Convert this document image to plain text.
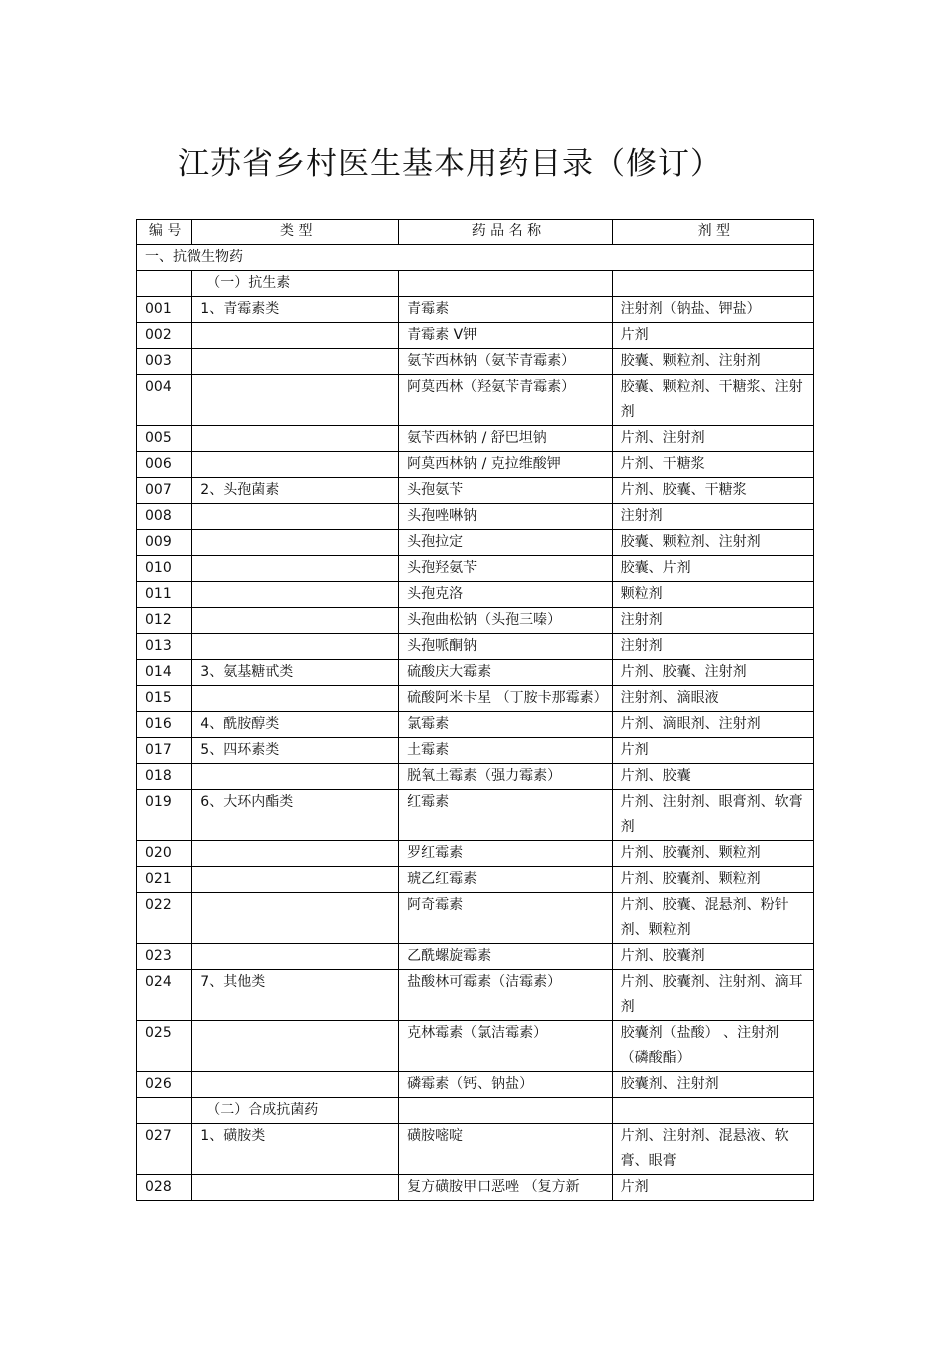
江苏省乡村医生基本用药目录（修订）
编 号	类 型	药 品 名 称	剂 型
一、抗微生物药			
	（一）抗生素		
001	1、青霉素类	青霉素	注射剂（钠盐、钾盐）
002		青霉素 V钾	片剂
003		氨苄西林钠（氨苄青霉素）	胶囊、颗粒剂、注射剂
004		阿莫西林（羟氨苄青霉素）	胶囊、颗粒剂、干糖浆、注射剂
005		氨苄西林钠 / 舒巴坦钠	片剂、注射剂
006		阿莫西林钠 / 克拉维酸钾	片剂、干糖浆
007	2、头孢菌素	头孢氨苄	片剂、胶囊、干糖浆
008		头孢唑啉钠	注射剂
009		头孢拉定	胶囊、颗粒剂、注射剂
010		头孢羟氨苄	胶囊、片剂
011		头孢克洛	颗粒剂
012		头孢曲松钠（头孢三嗪）	注射剂
013		头孢哌酮钠	注射剂
014	3、氨基糖甙类	硫酸庆大霉素	片剂、胶囊、注射剂
015		硫酸阿米卡星 （丁胺卡那霉素）	注射剂、滴眼液
016	4、酰胺醇类	氯霉素	片剂、滴眼剂、注射剂
017	5、四环素类	土霉素	片剂
018		脱氧土霉素（强力霉素）	片剂、胶囊
019	6、大环内酯类	红霉素	片剂、注射剂、眼膏剂、软膏剂
020		罗红霉素	片剂、胶囊剂、颗粒剂
021		琥乙红霉素	片剂、胶囊剂、颗粒剂
022		阿奇霉素	片剂、胶囊、混悬剂、粉针剂、颗粒剂
023		乙酰螺旋霉素	片剂、胶囊剂
024	7、其他类	盐酸林可霉素（洁霉素）	片剂、胶囊剂、注射剂、滴耳剂
025		克林霉素（氯洁霉素）	胶囊剂（盐酸） 、注射剂（磷酸酯）
026		磷霉素（钙、钠盐）	胶囊剂、注射剂
	（二）合成抗菌药		
027	1、磺胺类	磺胺嘧啶	片剂、注射剂、混悬液、软膏、眼膏
028		复方磺胺甲口恶唑 （复方新	片剂
